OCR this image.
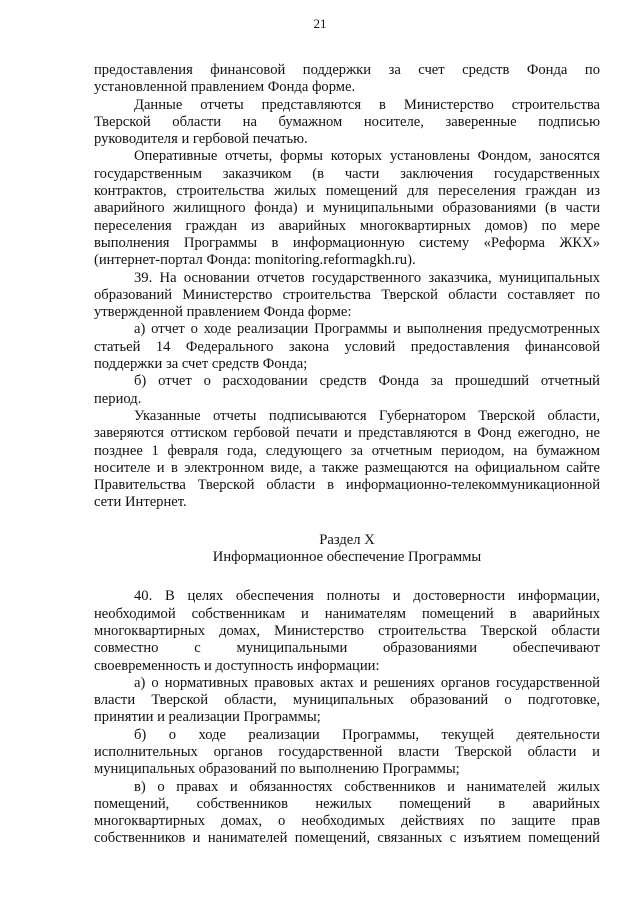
21
предоставления финансовой поддержки за счет средств Фонда по
установленной правлением Фонда форме.
Данные отчеты представляются в Министерство строительства
Тверской области на бумажном носителе, заверенные подписью
руководителя и гербовой печатью.
Оперативные отчеты, формы которых установлены Фондом, заносятся
государственным заказчиком (в части заключения государственных
контрактов, строительства жилых помещений для переселения граждан из
аварийного жилищного фонда) и муниципальными образованиями (в части
переселения граждан из аварийных многоквартирных домов) по мере
выполнения Программы в информационную систему «Реформа ЖКХ»
(интернет-портал Фонда: monitoring.reformagkh.ru).
39. На основании отчетов государственного заказчика, муниципальных
образований Министерство строительства Тверской области составляет по
утвержденной правлением Фонда форме:
а) отчет о ходе реализации Программы и выполнения предусмотренных
статьей 14 Федерального закона условий предоставления финансовой
поддержки за счет средств Фонда;
б) отчет о расходовании средств Фонда за прошедший отчетный
период.
Указанные отчеты подписываются Губернатором Тверской области,
заверяются оттиском гербовой печати и представляются в Фонд ежегодно, не
позднее 1 февраля года, следующего за отчетным периодом, на бумажном
носителе и в электронном виде, а также размещаются на официальном сайте
Правительства Тверской области в информационно-телекоммуникационной
сети Интернет.

Раздел X

Информационное обеспечение Программы

40. В целях обеспечения полноты и достоверности информации,
необходимой собственникам и нанимателям помещений в аварийных
многоквартирных домах, Министерство строительства Тверской области
совместно с муниципальными образованиями обеспечивают
своевременность и доступность информации:
а) о нормативных правовых актах и решениях органов государственной
власти Тверской области, муниципальных образований о подготовке,
принятии и реализации Программы;
б) о ходе реализации Программы, текущей деятельности
исполнительных органов государственной власти Тверской области и
муниципальных образований по выполнению Программы;
в) о правах и обязанностях собственников и нанимателей жилых
помещений, собственников нежилых помещений в аварийных
многоквартирных домах, о необходимых действиях по защите прав
собственников и нанимателей помещений, связанных с изъятием помещений
